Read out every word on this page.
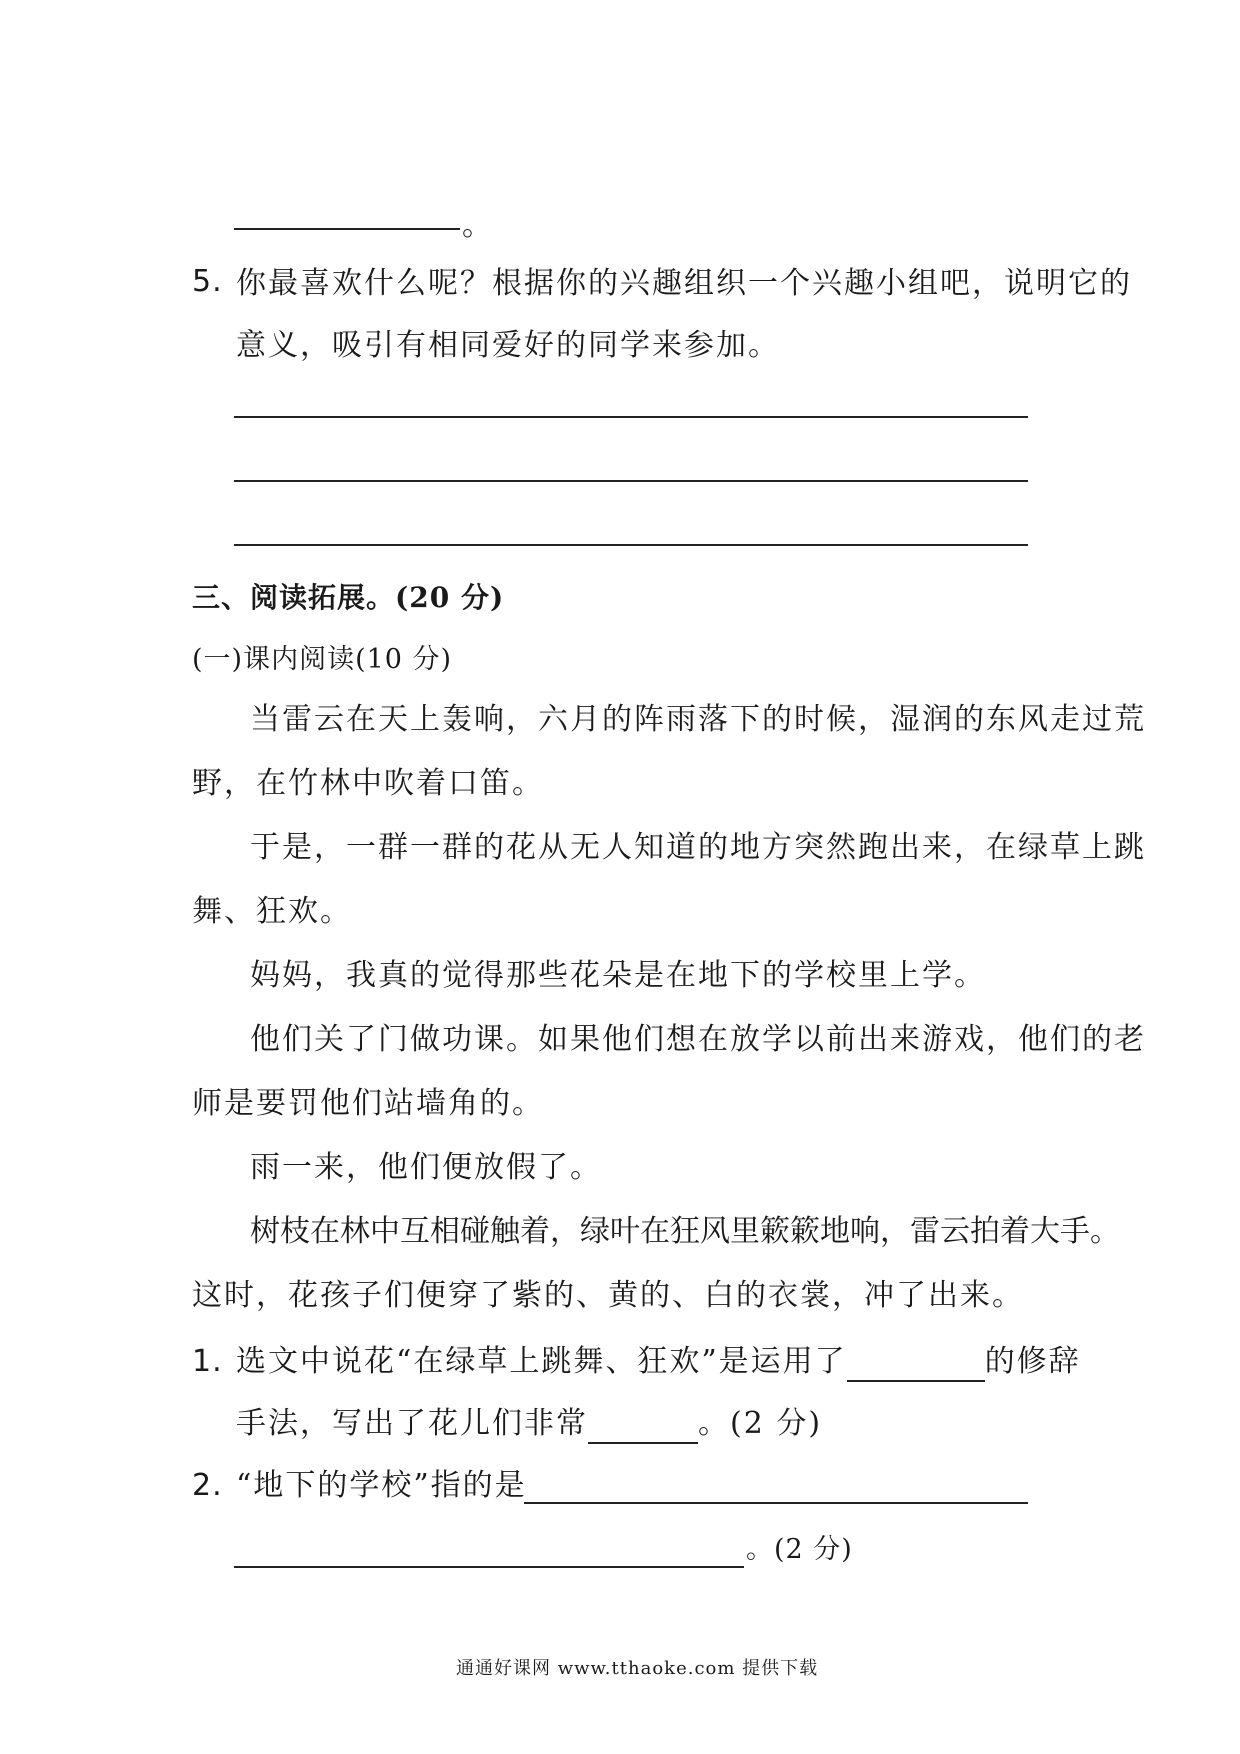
。
5. 你最喜欢什么呢？根据你的兴趣组织一个兴趣小组吧，说明它的
意义，吸引有相同爱好的同学来参加。
三、阅读拓展。(20 分)
(一)课内阅读(10 分)
当雷云在天上轰响，六月的阵雨落下的时候，湿润的东风走过荒
野，在竹林中吹着口笛。
于是，一群一群的花从无人知道的地方突然跑出来，在绿草上跳
舞、狂欢。
妈妈，我真的觉得那些花朵是在地下的学校里上学。
他们关了门做功课。如果他们想在放学以前出来游戏，他们的老
师是要罚他们站墙角的。
雨一来，他们便放假了。
树枝在林中互相碰触着，绿叶在狂风里簌簌地响，雷云拍着大手。
这时，花孩子们便穿了紫的、黄的、白的衣裳，冲了出来。
1. 选文中说花“在绿草上跳舞、狂欢”是运用了	的修辞
手法，写出了花儿们非常	。(2 分)
2. “地下的学校”指的是
。(2 分)
通通好课网 www.tthaoke.com 提供下载
